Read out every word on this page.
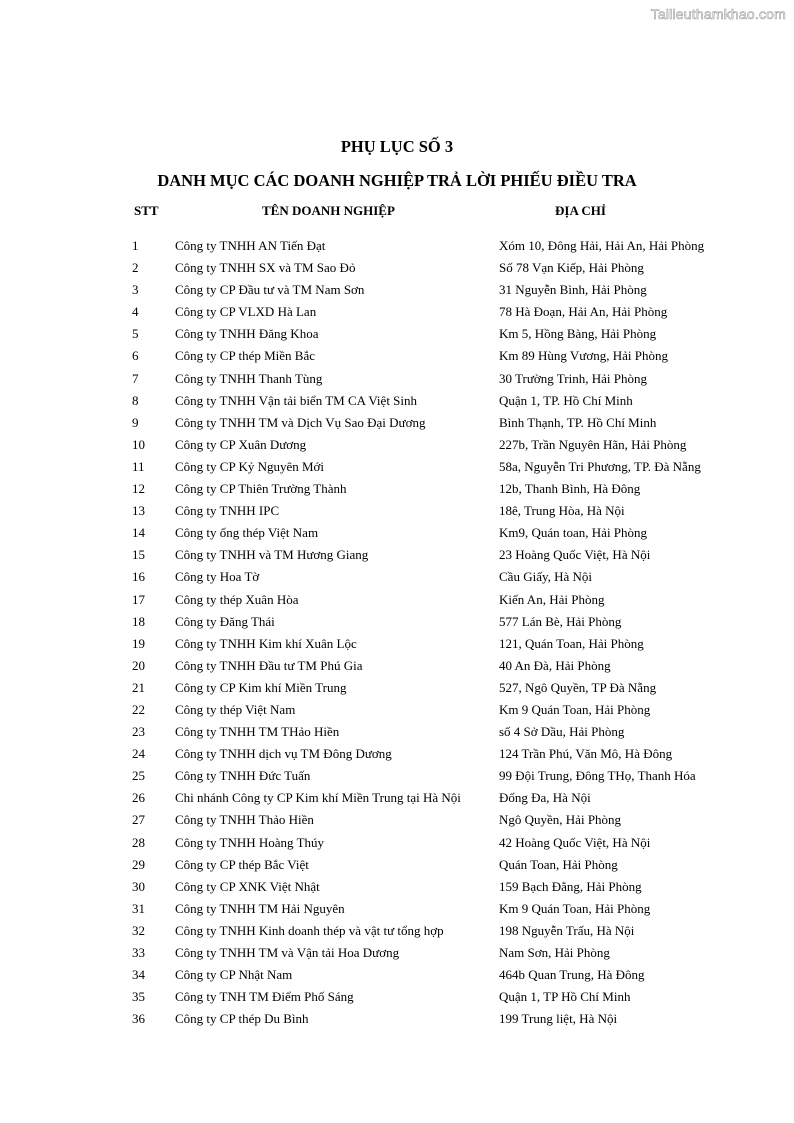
Tailieuthamkhao.com
PHỤ LỤC SỐ 3
DANH MỤC CÁC DOANH NGHIỆP TRẢ LỜI PHIẾU ĐIỀU TRA
STT	TÊN DOANH NGHIỆP	ĐỊA CHỈ
1	Công ty TNHH AN Tiến Đạt	Xóm 10, Đông Hải, Hải An, Hải Phòng
2	Công ty TNHH SX và TM Sao Đỏ	Số 78 Vạn Kiếp, Hải Phòng
3	Công ty CP Đầu tư và TM Nam Sơn	31 Nguyễn Bình, Hải Phòng
4	Công ty CP VLXD Hà Lan	78 Hà Đoạn, Hải An, Hải Phòng
5	Công ty TNHH Đăng Khoa	Km 5, Hồng Bàng, Hải Phòng
6	Công ty CP thép Miền Bắc	Km 89 Hùng Vương, Hải Phòng
7	Công ty TNHH Thanh Tùng	30 Trường Trinh, Hải Phòng
8	Công ty TNHH Vận tải biển TM CA Việt Sinh	Quận 1, TP. Hồ Chí Minh
9	Công ty TNHH TM và Dịch Vụ Sao Đại Dương	Bình Thạnh, TP. Hồ Chí Minh
10 Công ty CP Xuân Dương	227b, Trần Nguyên Hãn, Hải Phòng
11 Công ty CP Kỷ Nguyên Mới	58a, Nguyễn Tri Phương, TP. Đà Nẵng
12 Công ty CP Thiên Trường Thành	12b, Thanh Bình, Hà Đông
13 Công ty TNHH IPC	18ê, Trung Hòa, Hà Nội
14 Công ty ống thép Việt Nam	Km9, Quán toan, Hải Phòng
15 Công ty TNHH và TM Hương Giang	23 Hoàng Quốc Việt, Hà Nội
16 Công ty Hoa Tờ	Cầu Giấy, Hà Nội
17 Công ty thép Xuân Hòa	Kiến An, Hải Phòng
18 Công ty Đăng Thái	577 Lán Bè, Hải Phòng
19 Công ty TNHH Kim khí Xuân Lộc	121, Quán Toan, Hải Phòng
20 Công ty TNHH Đầu tư TM Phú Gia	40 An Đà, Hải Phòng
21 Công ty CP Kim khí Miền Trung	527, Ngô Quyền, TP Đà Nẵng
22 Công ty thép Việt Nam	Km 9 Quán Toan, Hải Phòng
23 Công ty TNHH TM THảo Hiền	số 4 Sở Dầu, Hải Phòng
24 Công ty TNHH dịch vụ TM Đông Dương	124 Trần Phú, Văn Mô, Hà Đông
25 Công ty TNHH Đức Tuấn	99 Đội Trung, Đông THọ, Thanh Hóa
26 Chi nhánh Công ty CP Kim khí Miền Trung tại Hà Nội	Đống Đa, Hà Nội
27 Công ty TNHH Thảo Hiền	Ngô Quyền, Hải Phòng
28 Công ty TNHH Hoàng Thúy	42 Hoàng Quốc Việt, Hà Nội
29 Công ty CP thép Bắc Việt	Quán Toan, Hải Phòng
30 Công ty CP XNK Việt Nhật	159 Bạch Đằng, Hải Phòng
31 Công ty TNHH TM Hải Nguyên	Km 9 Quán Toan, Hải Phòng
32 Công ty TNHH Kinh doanh thép và vật tư tổng hợp	198 Nguyễn Trấu, Hà Nội
33 Công ty TNHH TM và Vận tải Hoa Dương	Nam Sơn, Hải Phòng
34 Công ty CP Nhật Nam	464b Quan Trung, Hà Đông
35 Công ty TNH TM Điểm Phố Sáng	Quận 1, TP Hồ Chí Minh
36 Công ty CP thép Du Bình	199 Trung liệt, Hà Nội
